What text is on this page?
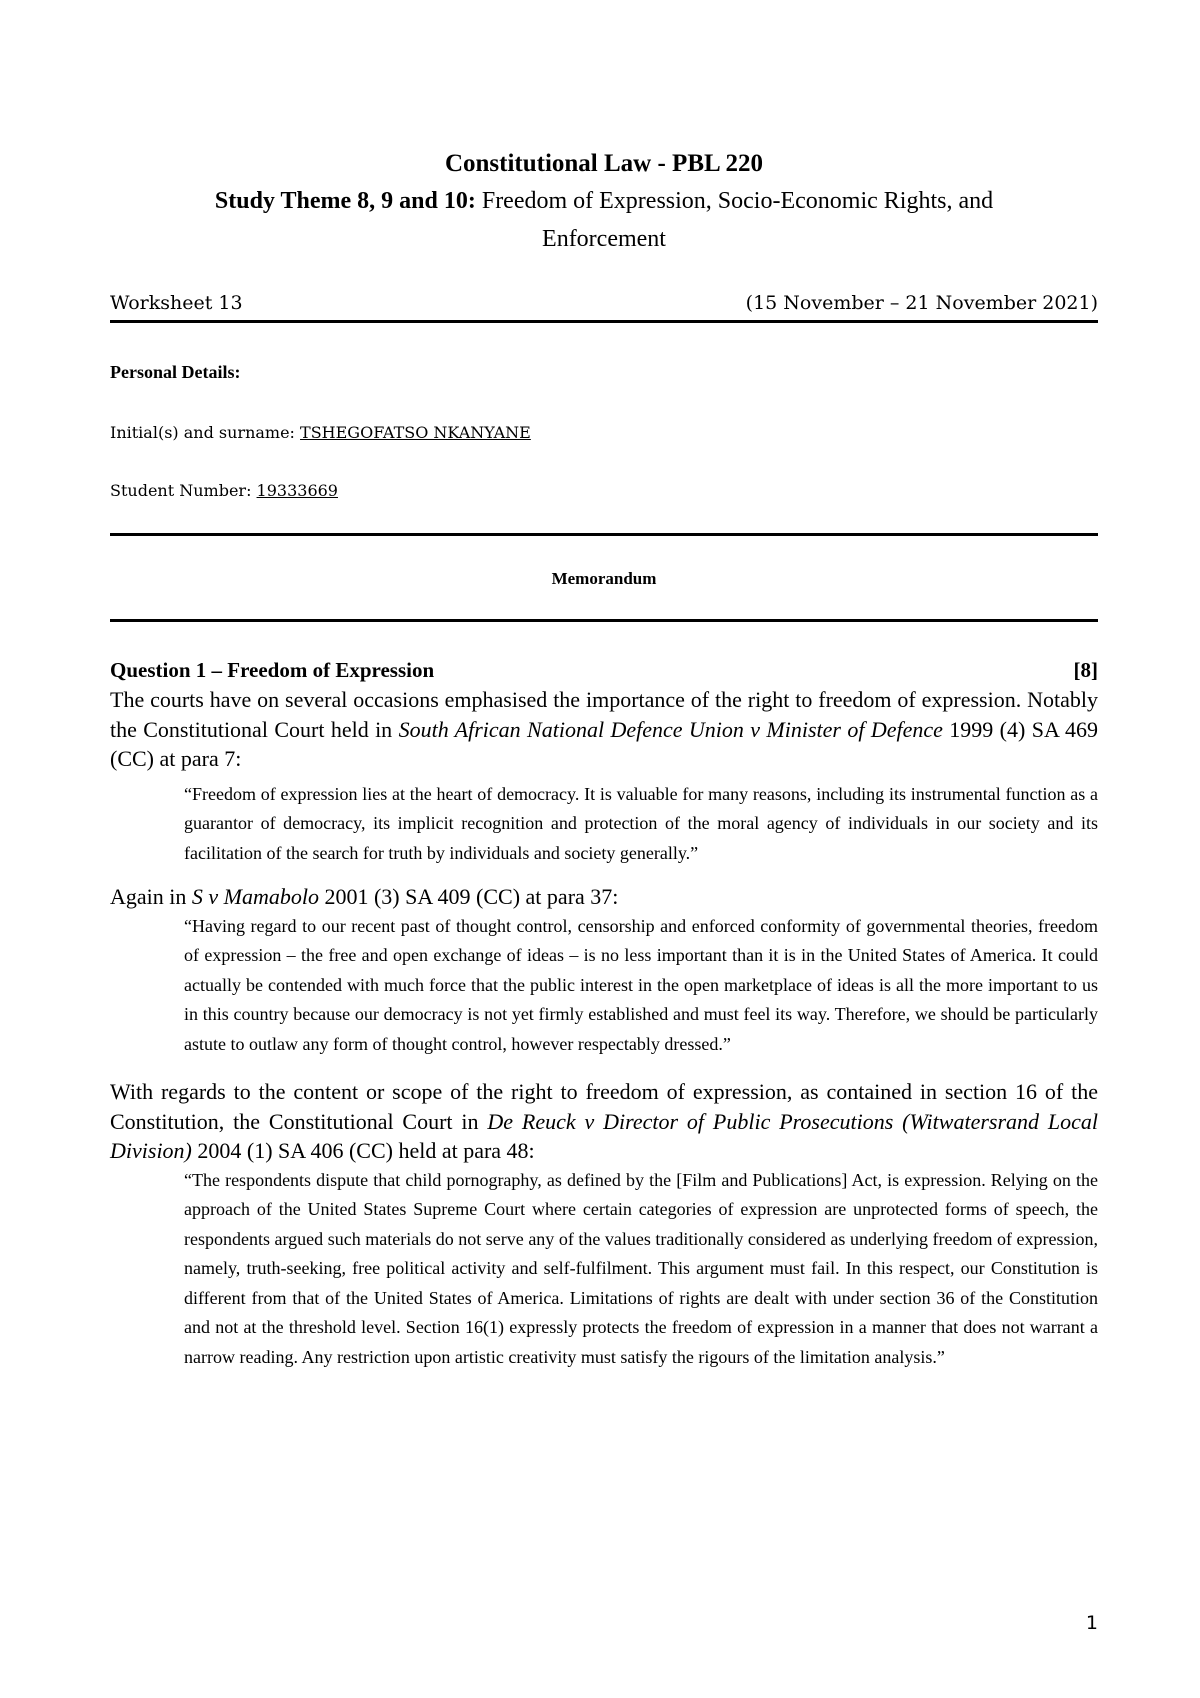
Constitutional Law - PBL 220
Study Theme 8, 9 and 10: Freedom of Expression, Socio-Economic Rights, and
Enforcement
Worksheet 13	(15 November – 21 November 2021)
Personal Details:
Initial(s) and surname: TSHEGOFATSO NKANYANE
Student Number: 19333669
Memorandum
Question 1 – Freedom of Expression	[8]

The courts have on several occasions emphasised the importance of the right to freedom of expression. Notably the Constitutional Court held in South African National Defence Union v Minister of Defence 1999 (4) SA 469 (CC) at para 7:

“Freedom of expression lies at the heart of democracy. It is valuable for many reasons, including its instrumental function as a guarantor of democracy, its implicit recognition and protection of the moral agency of individuals in our society and its facilitation of the search for truth by individuals and society generally.”

Again in S v Mamabolo 2001 (3) SA 409 (CC) at para 37:

“Having regard to our recent past of thought control, censorship and enforced conformity of governmental theories, freedom of expression – the free and open exchange of ideas – is no less important than it is in the United States of America. It could actually be contended with much force that the public interest in the open marketplace of ideas is all the more important to us in this country because our democracy is not yet firmly established and must feel its way. Therefore, we should be particularly astute to outlaw any form of thought control, however respectably dressed.”

With regards to the content or scope of the right to freedom of expression, as contained in section 16 of the Constitution, the Constitutional Court in De Reuck v Director of Public Prosecutions (Witwatersrand Local Division) 2004 (1) SA 406 (CC) held at para 48:

“The respondents dispute that child pornography, as defined by the [Film and Publications] Act, is expression. Relying on the approach of the United States Supreme Court where certain categories of expression are unprotected forms of speech, the respondents argued such materials do not serve any of the values traditionally considered as underlying freedom of expression, namely, truth-seeking, free political activity and self-fulfilment. This argument must fail. In this respect, our Constitution is different from that of the United States of America. Limitations of rights are dealt with under section 36 of the Constitution and not at the threshold level. Section 16(1) expressly protects the freedom of expression in a manner that does not warrant a narrow reading. Any restriction upon artistic creativity must satisfy the rigours of the limitation analysis.”
1
